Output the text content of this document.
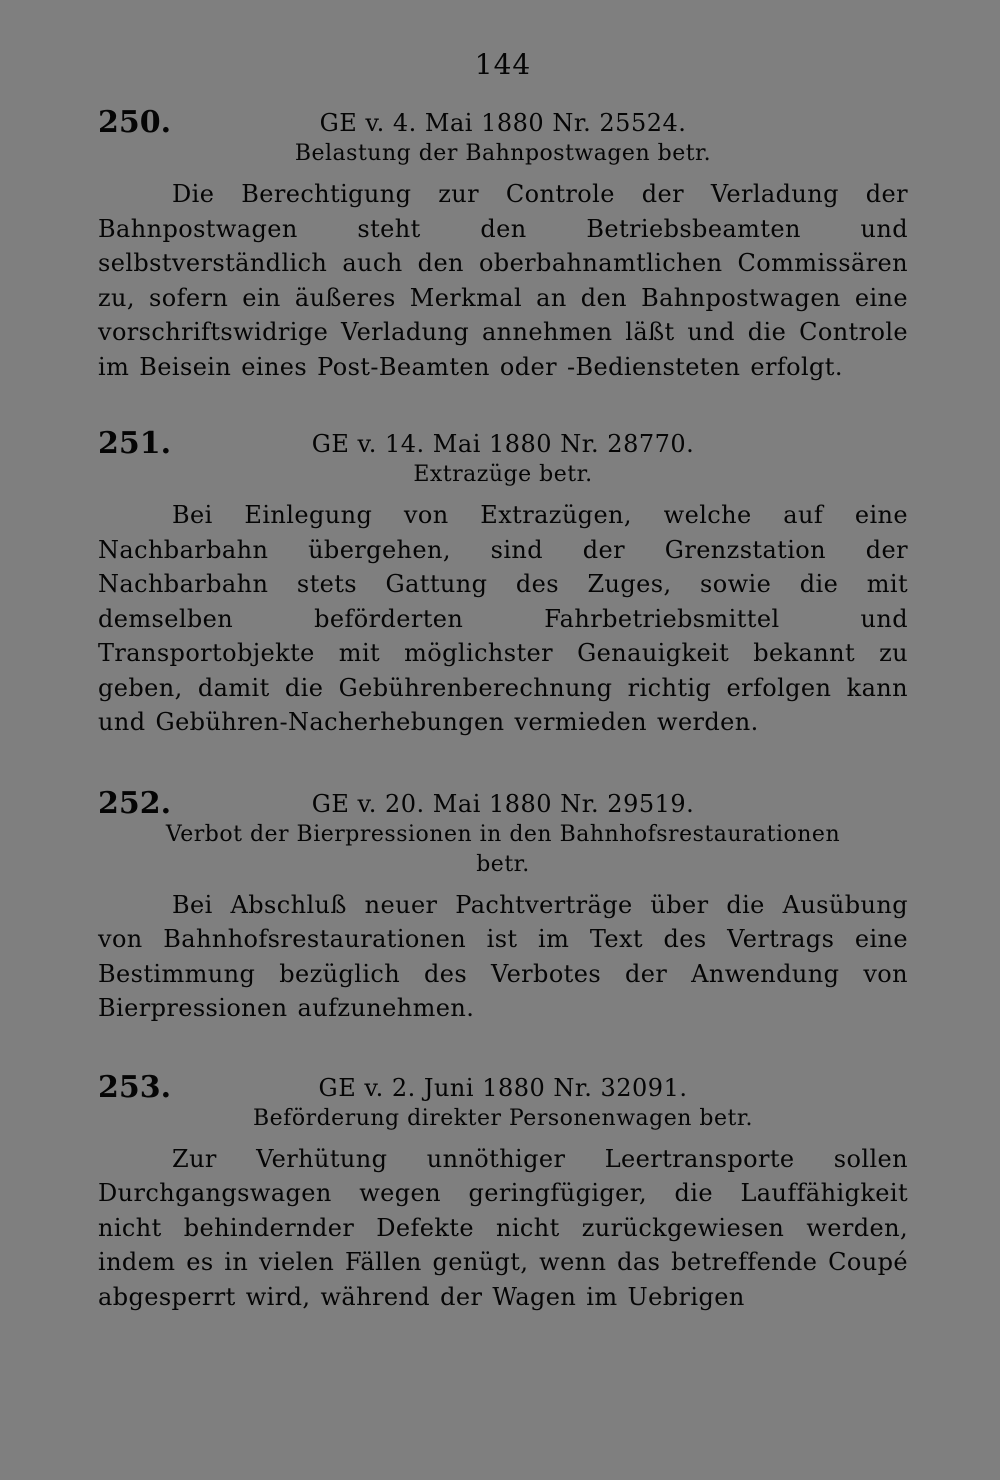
144
250.	GE v. 4. Mai 1880 Nr. 25524.
Belastung der Bahnpostwagen betr.
Die Berechtigung zur Controle der Verladung der Bahnpostwagen steht den Betriebsbeamten und selbstverständlich auch den oberbahnamtlichen Commissären zu, sofern ein äußeres Merkmal an den Bahnpostwagen eine vorschriftswidrige Verladung annehmen läßt und die Controle im Beisein eines Post-Beamten oder -Bediensteten erfolgt.
251.	GE v. 14. Mai 1880 Nr. 28770.
Extrazüge betr.
Bei Einlegung von Extrazügen, welche auf eine Nachbarbahn übergehen, sind der Grenzstation der Nachbarbahn stets Gattung des Zuges, sowie die mit demselben beförderten Fahrbetriebsmittel und Transportobjekte mit möglichster Genauigkeit bekannt zu geben, damit die Gebührenberechnung richtig erfolgen kann und Gebühren-Nacherhebungen vermieden werden.
252.	GE v. 20. Mai 1880 Nr. 29519.
Verbot der Bierpressionen in den Bahnhofsrestaurationen betr.
Bei Abschluß neuer Pachtverträge über die Ausübung von Bahnhofsrestaurationen ist im Text des Vertrags eine Bestimmung bezüglich des Verbotes der Anwendung von Bierpressionen aufzunehmen.
253.	GE v. 2. Juni 1880 Nr. 32091.
Beförderung direkter Personenwagen betr.
Zur Verhütung unnöthiger Leertransporte sollen Durchgangswagen wegen geringfügiger, die Lauffähigkeit nicht behindernder Defekte nicht zurückgewiesen werden, indem es in vielen Fällen genügt, wenn das betreffende Coupé abgesperrt wird, während der Wagen im Uebrigen
